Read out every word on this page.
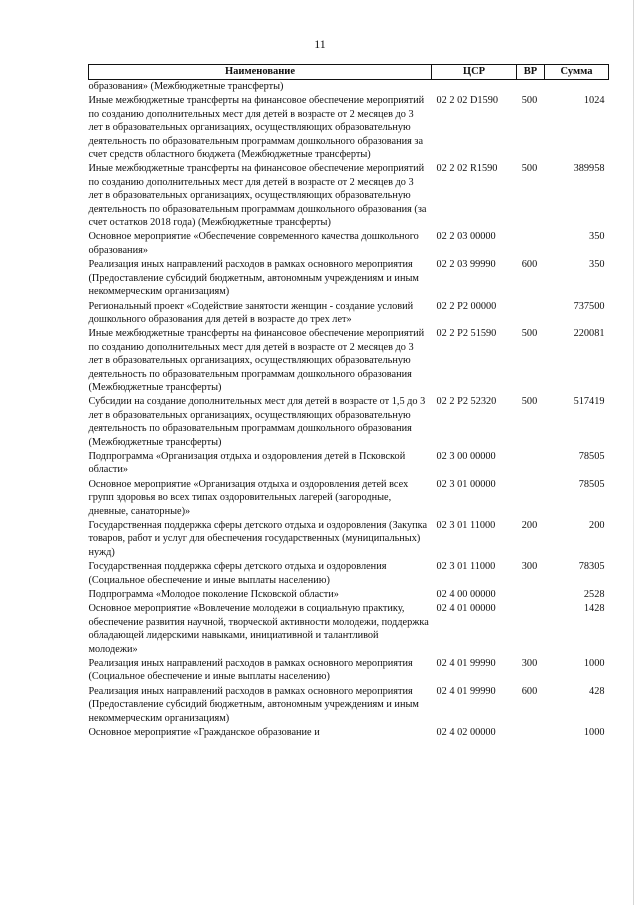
11
Наименование	ЦСР	ВР	Сумма
образования» (Межбюджетные трансферты)			
Иные межбюджетные трансферты на финансовое обеспечение мероприятий по созданию дополнительных мест для детей в возрасте от 2 месяцев до 3 лет в образовательных организациях, осуществляющих образовательную деятельность по образовательным программам дошкольного образования за счет средств областного бюджета (Межбюджетные трансферты)	02 2 02 D1590	500	1024
Иные межбюджетные трансферты на финансовое обеспечение мероприятий по созданию дополнительных мест для детей в возрасте от 2 месяцев до 3 лет в образовательных организациях, осуществляющих образовательную деятельность по образовательным программам дошкольного образования (за счет остатков 2018 года) (Межбюджетные трансферты)	02 2 02 R1590	500	389958
Основное мероприятие «Обеспечение современного качества дошкольного образования»	02 2 03 00000		350
Реализация иных направлений расходов в рамках основного мероприятия (Предоставление субсидий бюджетным, автономным учреждениям и иным некоммерческим организациям)	02 2 03 99990	600	350
Региональный проект «Содействие занятости женщин - создание условий дошкольного образования для детей в возрасте до трех лет»	02 2 P2 00000		737500
Иные межбюджетные трансферты на финансовое обеспечение мероприятий по созданию дополнительных мест для детей в возрасте от 2 месяцев до 3 лет в образовательных организациях, осуществляющих образовательную деятельность по образовательным программам дошкольного образования (Межбюджетные трансферты)	02 2 P2 51590	500	220081
Субсидии на создание дополнительных мест для детей в возрасте от 1,5 до 3 лет в образовательных организациях, осуществляющих образовательную деятельность по образовательным программам дошкольного образования (Межбюджетные трансферты)	02 2 P2 52320	500	517419
Подпрограмма «Организация отдыха и оздоровления детей в Псковской области»	02 3 00 00000		78505
Основное мероприятие «Организация отдыха и оздоровления детей всех групп здоровья во всех типах оздоровительных лагерей (загородные, дневные, санаторные)»	02 3 01 00000		78505
Государственная поддержка сферы детского отдыха и оздоровления (Закупка товаров, работ и услуг для обеспечения государственных (муниципальных) нужд)	02 3 01 11000	200	200
Государственная поддержка сферы детского отдыха и оздоровления (Социальное обеспечение и иные выплаты населению)	02 3 01 11000	300	78305
Подпрограмма «Молодое поколение Псковской области»	02 4 00 00000		2528
Основное мероприятие «Вовлечение молодежи в социальную практику, обеспечение развития научной, творческой активности молодежи, поддержка обладающей лидерскими навыками, инициативной и талантливой молодежи»	02 4 01 00000		1428
Реализация иных направлений расходов в рамках основного мероприятия (Социальное обеспечение и иные выплаты населению)	02 4 01 99990	300	1000
Реализация иных направлений расходов в рамках основного мероприятия (Предоставление субсидий бюджетным, автономным учреждениям и иным некоммерческим организациям)	02 4 01 99990	600	428
Основное мероприятие «Гражданское образование и	02 4 02 00000		1000
